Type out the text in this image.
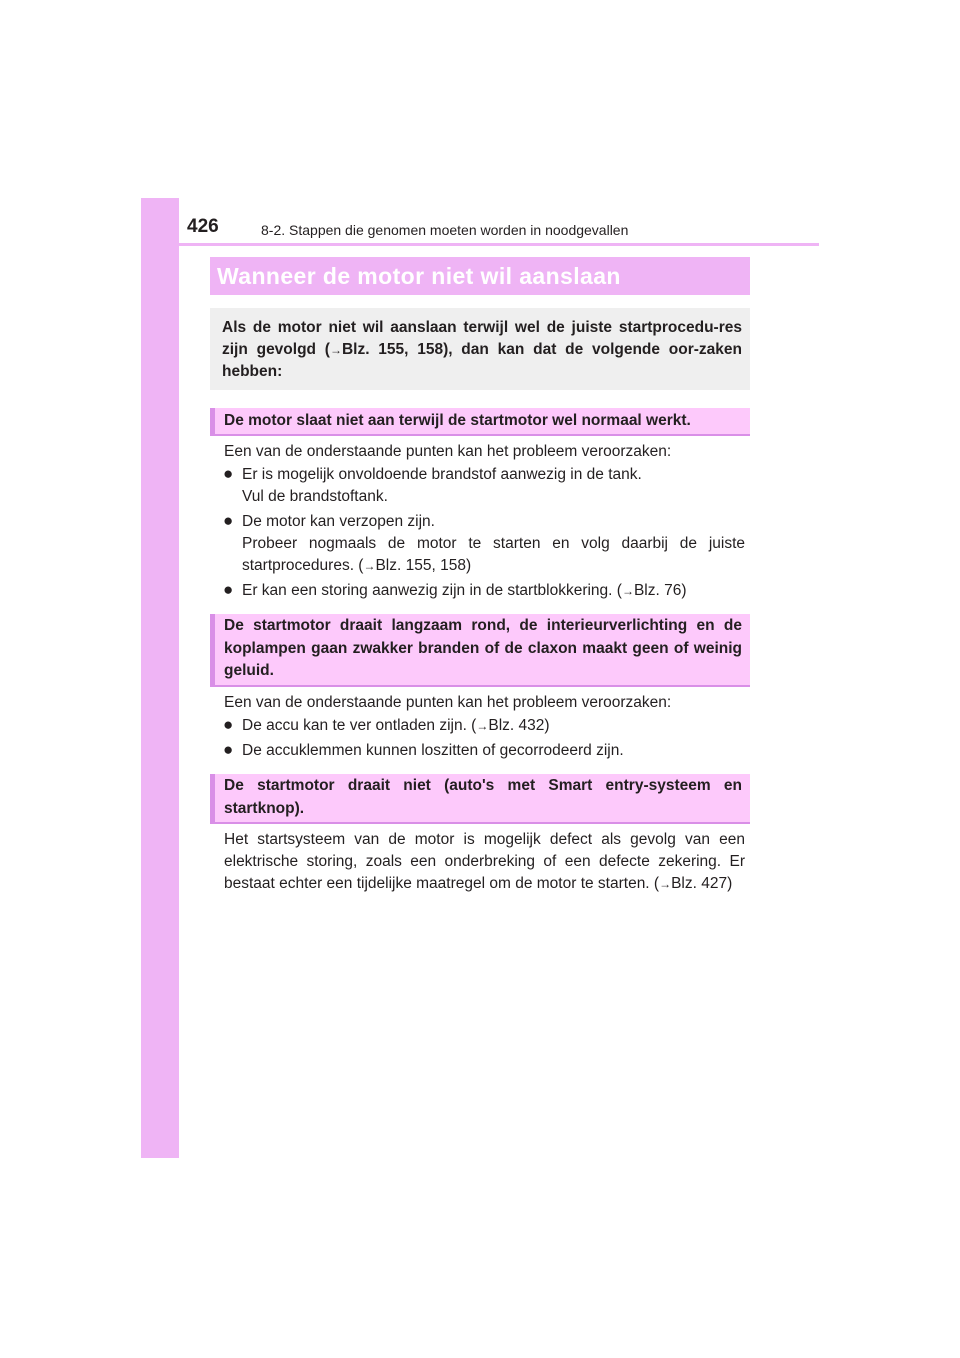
426	8-2. Stappen die genomen moeten worden in noodgevallen
Wanneer de motor niet wil aanslaan
Als de motor niet wil aanslaan terwijl wel de juiste startprocedu-res zijn gevolgd (→Blz. 155, 158), dan kan dat de volgende oor-zaken hebben:
De motor slaat niet aan terwijl de startmotor wel normaal werkt.
Een van de onderstaande punten kan het probleem veroorzaken:
● Er is mogelijk onvoldoende brandstof aanwezig in de tank.
Vul de brandstoftank.
● De motor kan verzopen zijn.
Probeer nogmaals de motor te starten en volg daarbij de juiste startprocedures. (→Blz. 155, 158)
● Er kan een storing aanwezig zijn in de startblokkering. (→Blz. 76)
De startmotor draait langzaam rond, de interieurverlichting en de koplampen gaan zwakker branden of de claxon maakt geen of weinig geluid.
Een van de onderstaande punten kan het probleem veroorzaken:
● De accu kan te ver ontladen zijn. (→Blz. 432)
● De accuklemmen kunnen loszitten of gecorrodeerd zijn.
De startmotor draait niet (auto's met Smart entry-systeem en startknop).
Het startsysteem van de motor is mogelijk defect als gevolg van een elektrische storing, zoals een onderbreking of een defecte zekering. Er bestaat echter een tijdelijke maatregel om de motor te starten. (→Blz. 427)
